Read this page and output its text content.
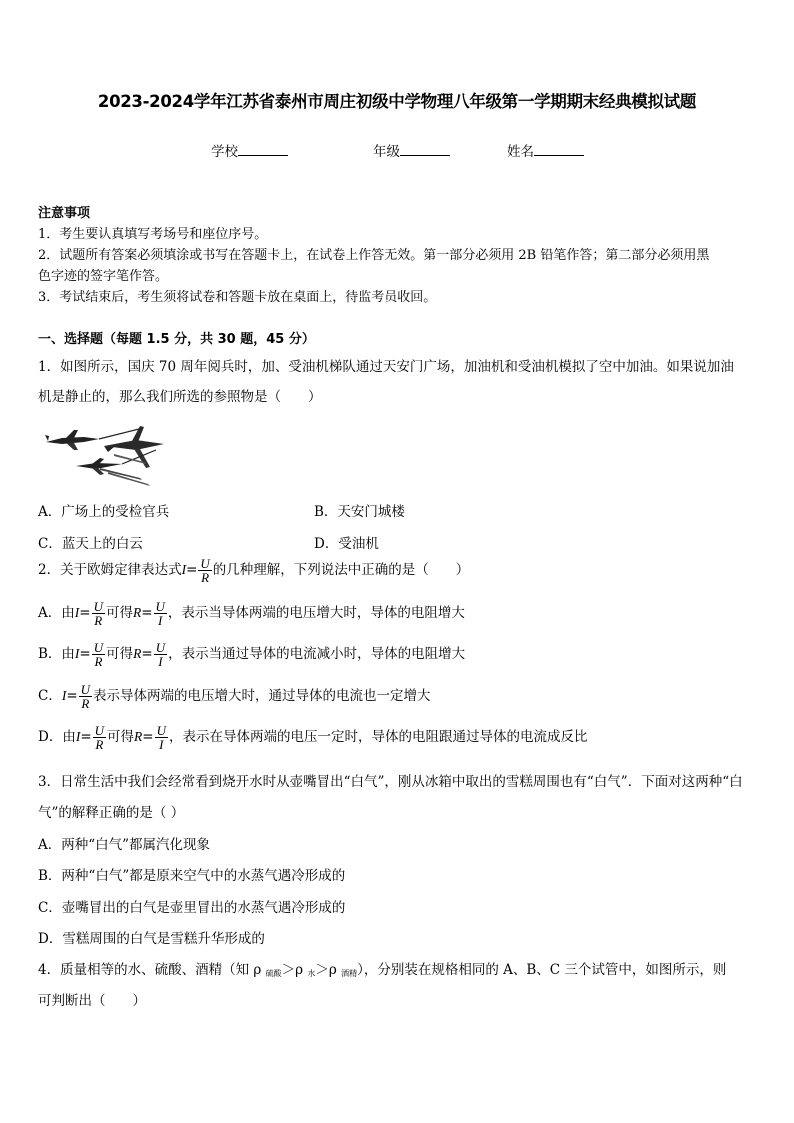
2023-2024学年江苏省泰州市周庄初级中学物理八年级第一学期期末经典模拟试题
学校	年级	姓名
注意事项
1．考生要认真填写考场号和座位序号。
2．试题所有答案必须填涂或书写在答题卡上，在试卷上作答无效。第一部分必须用 2B 铅笔作答；第二部分必须用黑
色字迹的签字笔作答。
3．考试结束后，考生须将试卷和答题卡放在桌面上，待监考员收回。
一、选择题（每题 1.5 分，共 30 题，45 分）
1．如图所示，国庆 70 周年阅兵时，加、受油机梯队通过天安门广场，加油机和受油机模拟了空中加油。如果说加油
机是静止的，那么我们所选的参照物是（　　）
A．广场上的受检官兵	B．天安门城楼
C．蓝天上的白云	D．受油机
2．关于欧姆定律表达式$I= \frac{U}{R}$ 的几种理解，下列说法中正确的是（　　）
A．由$I= \frac{U}{R}$ 可得$R= \frac{U}{I}$ ，表示当导体两端的电压增大时，导体的电阻增大
B．由$I= \frac{U}{R}$ 可得$R= \frac{U}{I}$ ，表示当通过导体的电流减小时，导体的电阻增大
C．$I= \frac{U}{R}$ 表示导体两端的电压增大时，通过导体的电流也一定增大
D．由$I= \frac{U}{R}$ 可得$R= \frac{U}{I}$ ，表示在导体两端的电压一定时，导体的电阻跟通过导体的电流成反比
3．日常生活中我们会经常看到烧开水时从壶嘴冒出“白气”，刚从冰箱中取出的雪糕周围也有“白气”．下面对这两种“白
气”的解释正确的是（ ）
A．两种“白气”都属汽化现象
B．两种“白气”都是原来空气中的水蒸气遇冷形成的
C．壶嘴冒出的白气是壶里冒出的水蒸气遇冷形成的
D．雪糕周围的白气是雪糕升华形成的
4．质量相等的水、硫酸、酒精（知 ρ $_{硫酸}$＞ρ $_水$＞ρ $_{酒精}$），分别装在规格相同的 A、B、C 三个试管中，如图所示，则
可判断出（　　）
